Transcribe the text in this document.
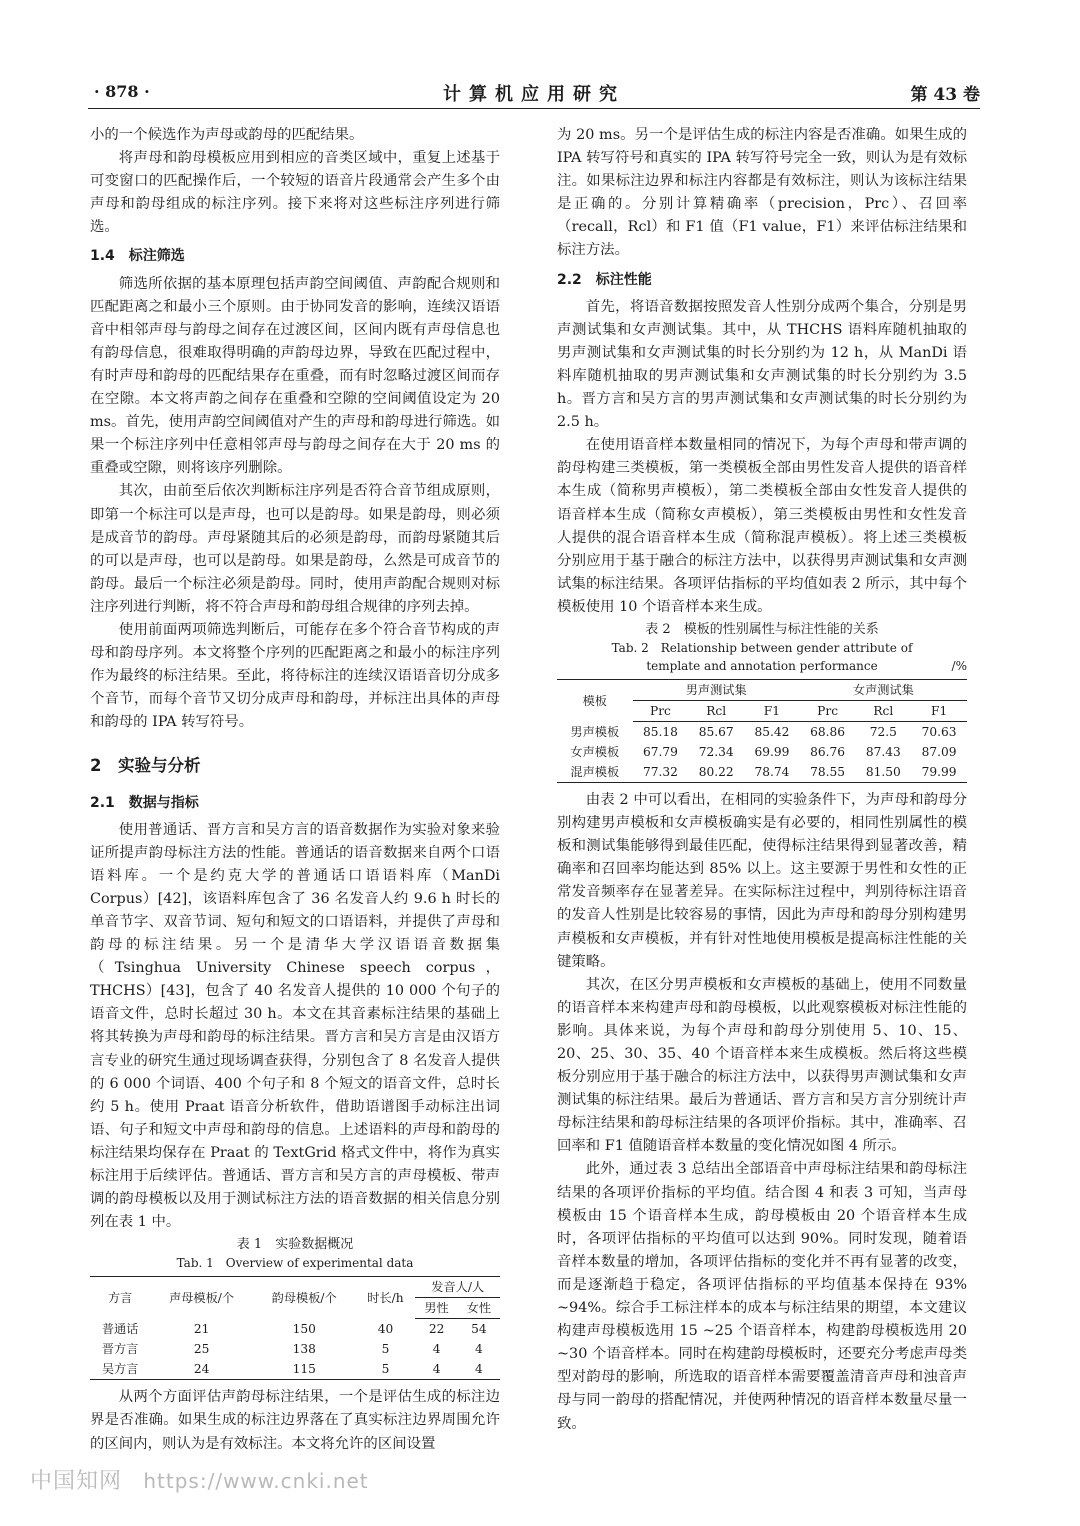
· 878 ·	计算机应用研究	第 43 卷

小的一个候选作为声母或韵母的匹配结果。

将声母和韵母模板应用到相应的音类区域中，重复上述基于可变窗口的匹配操作后，一个较短的语音片段通常会产生多个由声母和韵母组成的标注序列。接下来将对这些标注序列进行筛选。

1.4　标注筛选

筛选所依据的基本原理包括声韵空间阈值、声韵配合规则和匹配距离之和最小三个原则。由于协同发音的影响，连续汉语语音中相邻声母与韵母之间存在过渡区间，区间内既有声母信息也有韵母信息，很难取得明确的声韵母边界，导致在匹配过程中，有时声母和韵母的匹配结果存在重叠，而有时忽略过渡区间而存在空隙。本文将声韵之间存在重叠和空隙的空间阈值设定为 20 ms。首先，使用声韵空间阈值对产生的声母和韵母进行筛选。如果一个标注序列中任意相邻声母与韵母之间存在大于 20 ms 的重叠或空隙，则将该序列删除。

其次，由前至后依次判断标注序列是否符合音节组成原则，即第一个标注可以是声母，也可以是韵母。如果是韵母，则必须是成音节的韵母。声母紧随其后的必须是韵母，而韵母紧随其后的可以是声母，也可以是韵母。如果是韵母，么然是可成音节的韵母。最后一个标注必须是韵母。同时，使用声韵配合规则对标注序列进行判断，将不符合声母和韵母组合规律的序列去掉。

使用前面两项筛选判断后，可能存在多个符合音节构成的声母和韵母序列。本文将整个序列的匹配距离之和最小的标注序列作为最终的标注结果。至此，将待标注的连续汉语语音切分成多个音节，而每个音节又切分成声母和韵母，并标注出具体的声母和韵母的 IPA 转写符号。

2　实验与分析
2.1　数据与指标

使用普通话、晋方言和吴方言的语音数据作为实验对象来验证所提声韵母标注方法的性能。普通话的语音数据来自两个口语语料库。一个是约克大学的普通话口语语料库（ManDi Corpus）[42]，该语料库包含了 36 名发音人约 9.6 h 时长的单音节字、双音节词、短句和短文的口语语料，并提供了声母和韵母的标注结果。另一个是清华大学汉语语音数据集（Tsinghua University Chinese speech corpus，THCHS）[43]，包含了 40 名发音人提供的 10 000 个句子的语音文件，总时长超过 30 h。本文在其音素标注结果的基础上将其转换为声母和韵母的标注结果。晋方言和吴方言是由汉语方言专业的研究生通过现场调查获得，分别包含了 8 名发音人提供的 6 000 个词语、400 个句子和 8 个短文的语音文件，总时长约 5 h。使用 Praat 语音分析软件，借助语谱图手动标注出词语、句子和短文中声母和韵母的信息。上述语料的声母和韵母的标注结果均保存在 Praat 的 TextGrid 格式文件中，将作为真实标注用于后续评估。普通话、晋方言和吴方言的声母模板、带声调的韵母模板以及用于测试标注方法的语音数据的相关信息分别列在表 1 中。

表 1　实验数据概况
Tab. 1　Overview of experimental data
方言	声母模板/个	韵母模板/个	时长/h	发音人/人	
				男性	女性
普通话	21	150	40	22	54
晋方言	25	138	5	4	4
吴方言	24	115	5	4	4

从两个方面评估声韵母标注结果，一个是评估生成的标注边界是否准确。如果生成的标注边界落在了真实标注边界周围允许的区间内，则认为是有效标注。本文将允许的区间设置

为 20 ms。另一个是评估生成的标注内容是否准确。如果生成的 IPA 转写符号和真实的 IPA 转写符号完全一致，则认为是有效标注。如果标注边界和标注内容都是有效标注，则认为该标注结果是正确的。分别计算精确率（precision，Prc）、召回率（recall，Rcl）和 F1 值（F1 value，F1）来评估标注结果和标注方法。

2.2　标注性能

首先，将语音数据按照发音人性别分成两个集合，分别是男声测试集和女声测试集。其中，从 THCHS 语料库随机抽取的男声测试集和女声测试集的时长分别约为 12 h，从 ManDi 语料库随机抽取的男声测试集和女声测试集的时长分别约为 3.5 h。晋方言和吴方言的男声测试集和女声测试集的时长分别约为 2.5 h。

在使用语音样本数量相同的情况下，为每个声母和带声调的韵母构建三类模板，第一类模板全部由男性发音人提供的语音样本生成（简称男声模板），第二类模板全部由女性发音人提供的语音样本生成（简称女声模板），第三类模板由男性和女性发音人提供的混合语音样本生成（简称混声模板）。将上述三类模板分别应用于基于融合的标注方法中，以获得男声测试集和女声测试集的标注结果。各项评估指标的平均值如表 2 所示，其中每个模板使用 10 个语音样本来生成。

表 2　模板的性别属性与标注性能的关系
Tab. 2　Relationship between gender attribute of
/%
template and annotation performance
模板	男声测试集			女声测试集		
	Prc	Rcl	F1	Prc	Rcl	F1
男声模板	85.18	85.67	85.42	68.86	72.5	70.63
女声模板	67.79	72.34	69.99	86.76	87.43	87.09
混声模板	77.32	80.22	78.74	78.55	81.50	79.99

由表 2 中可以看出，在相同的实验条件下，为声母和韵母分别构建男声模板和女声模板确实是有必要的，相同性别属性的模板和测试集能够得到最佳匹配，使得标注结果得到显著改善，精确率和召回率均能达到 85% 以上。这主要源于男性和女性的正常发音频率存在显著差异。在实际标注过程中，判别待标注语音的发音人性别是比较容易的事情，因此为声母和韵母分别构建男声模板和女声模板，并有针对性地使用模板是提高标注性能的关键策略。

其次，在区分男声模板和女声模板的基础上，使用不同数量的语音样本来构建声母和韵母模板，以此观察模板对标注性能的影响。具体来说，为每个声母和韵母分别使用 5、10、15、20、25、30、35、40 个语音样本来生成模板。然后将这些模板分别应用于基于融合的标注方法中，以获得男声测试集和女声测试集的标注结果。最后为普通话、晋方言和吴方言分别统计声母标注结果和韵母标注结果的各项评价指标。其中，准确率、召回率和 F1 值随语音样本数量的变化情况如图 4 所示。

此外，通过表 3 总结出全部语音中声母标注结果和韵母标注结果的各项评价指标的平均值。结合图 4 和表 3 可知，当声母模板由 15 个语音样本生成，韵母模板由 20 个语音样本生成时，各项评估指标的平均值可以达到 90%。同时发现，随着语音样本数量的增加，各项评估指标的变化并不再有显著的改变，而是逐渐趋于稳定，各项评估指标的平均值基本保持在 93% ~94%。综合手工标注样本的成本与标注结果的期望，本文建议构建声母模板选用 15 ~25 个语音样本，构建韵母模板选用 20 ~30 个语音样本。同时在构建韵母模板时，还要充分考虑声母类型对韵母的影响，所选取的语音样本需要覆盖清音声母和浊音声母与同一韵母的搭配情况，并使两种情况的语音样本数量尽量一致。

中国知网 https://www.cnki.net
